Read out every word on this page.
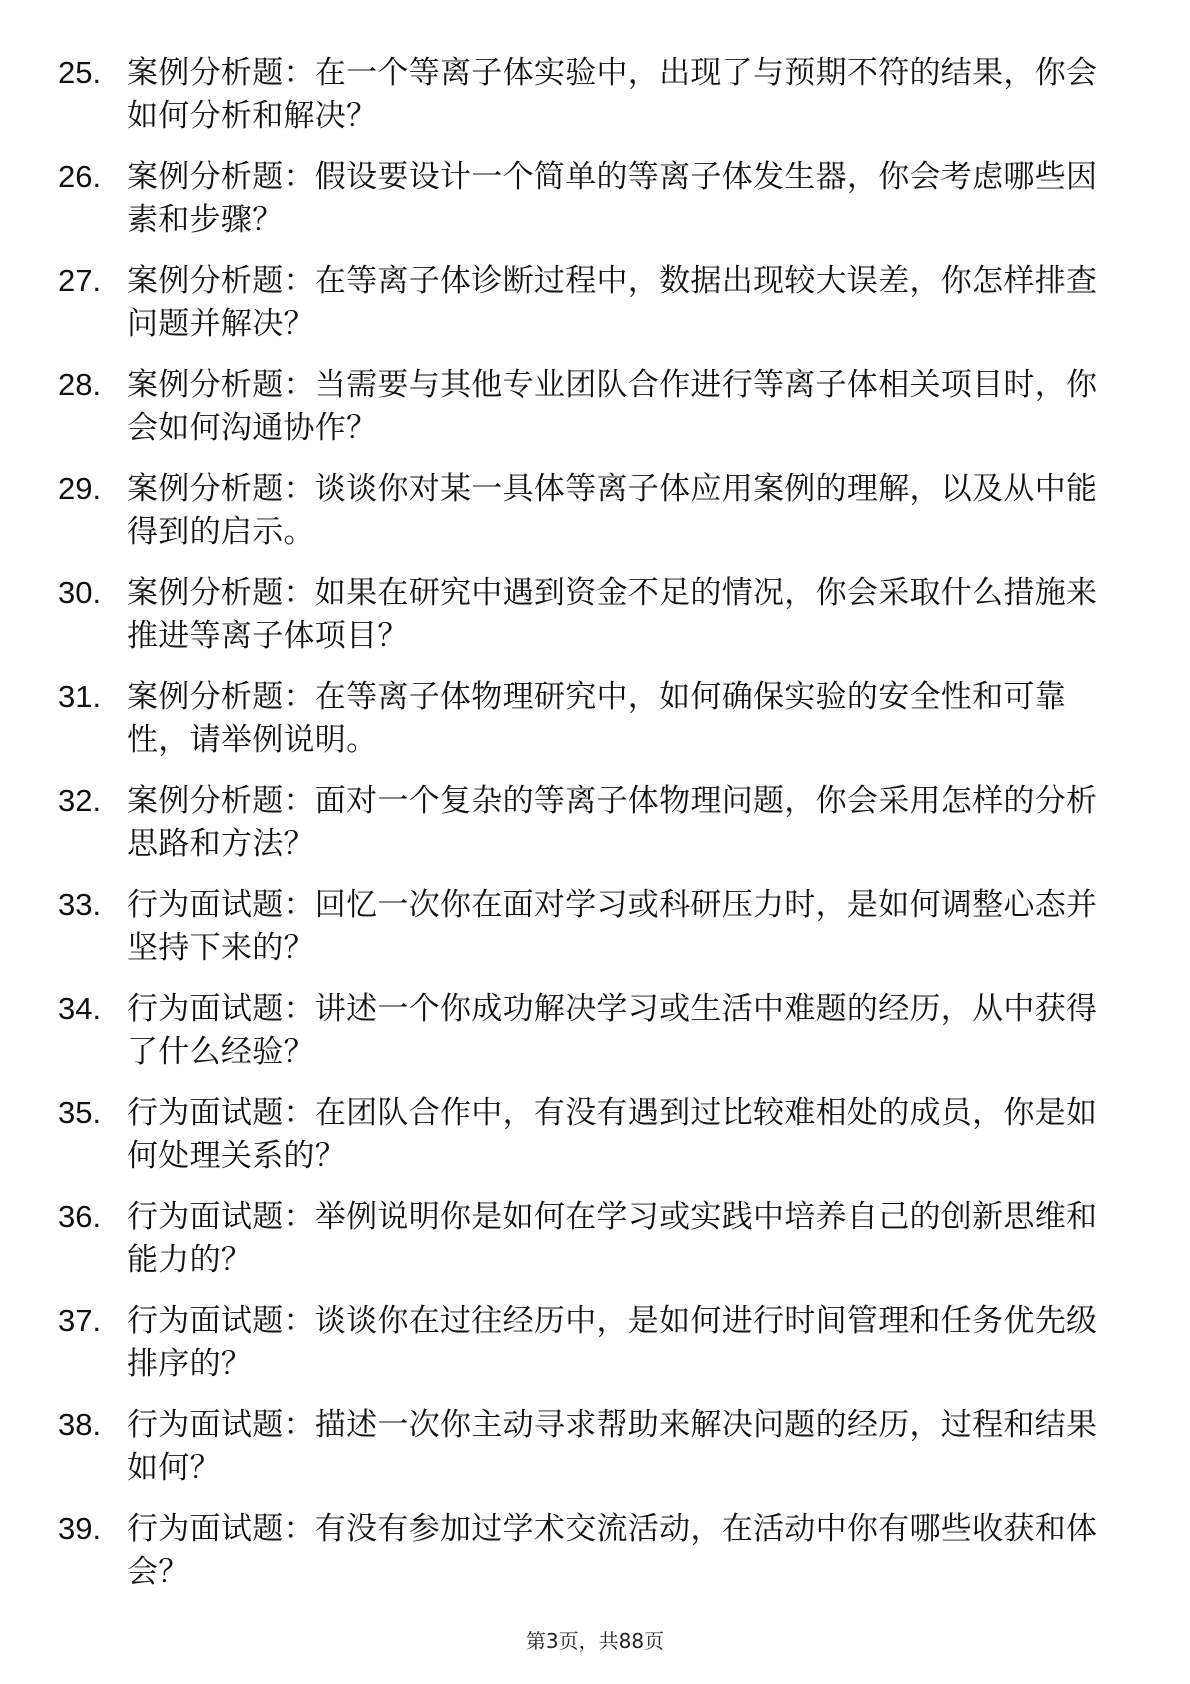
25. 案例分析题：在一个等离子体实验中，出现了与预期不符的结果，你会如何分析和解决？
26. 案例分析题：假设要设计一个简单的等离子体发生器，你会考虑哪些因素和步骤？
27. 案例分析题：在等离子体诊断过程中，数据出现较大误差，你怎样排查问题并解决？
28. 案例分析题：当需要与其他专业团队合作进行等离子体相关项目时，你会如何沟通协作？
29. 案例分析题：谈谈你对某一具体等离子体应用案例的理解，以及从中能得到的启示。
30. 案例分析题：如果在研究中遇到资金不足的情况，你会采取什么措施来推进等离子体项目？
31. 案例分析题：在等离子体物理研究中，如何确保实验的安全性和可靠性，请举例说明。
32. 案例分析题：面对一个复杂的等离子体物理问题，你会采用怎样的分析思路和方法？
33. 行为面试题：回忆一次你在面对学习或科研压力时，是如何调整心态并坚持下来的？
34. 行为面试题：讲述一个你成功解决学习或生活中难题的经历，从中获得了什么经验？
35. 行为面试题：在团队合作中，有没有遇到过比较难相处的成员，你是如何处理关系的？
36. 行为面试题：举例说明你是如何在学习或实践中培养自己的创新思维和能力的？
37. 行为面试题：谈谈你在过往经历中，是如何进行时间管理和任务优先级排序的？
38. 行为面试题：描述一次你主动寻求帮助来解决问题的经历，过程和结果如何？
39. 行为面试题：有没有参加过学术交流活动，在活动中你有哪些收获和体会？
第3页，共88页
